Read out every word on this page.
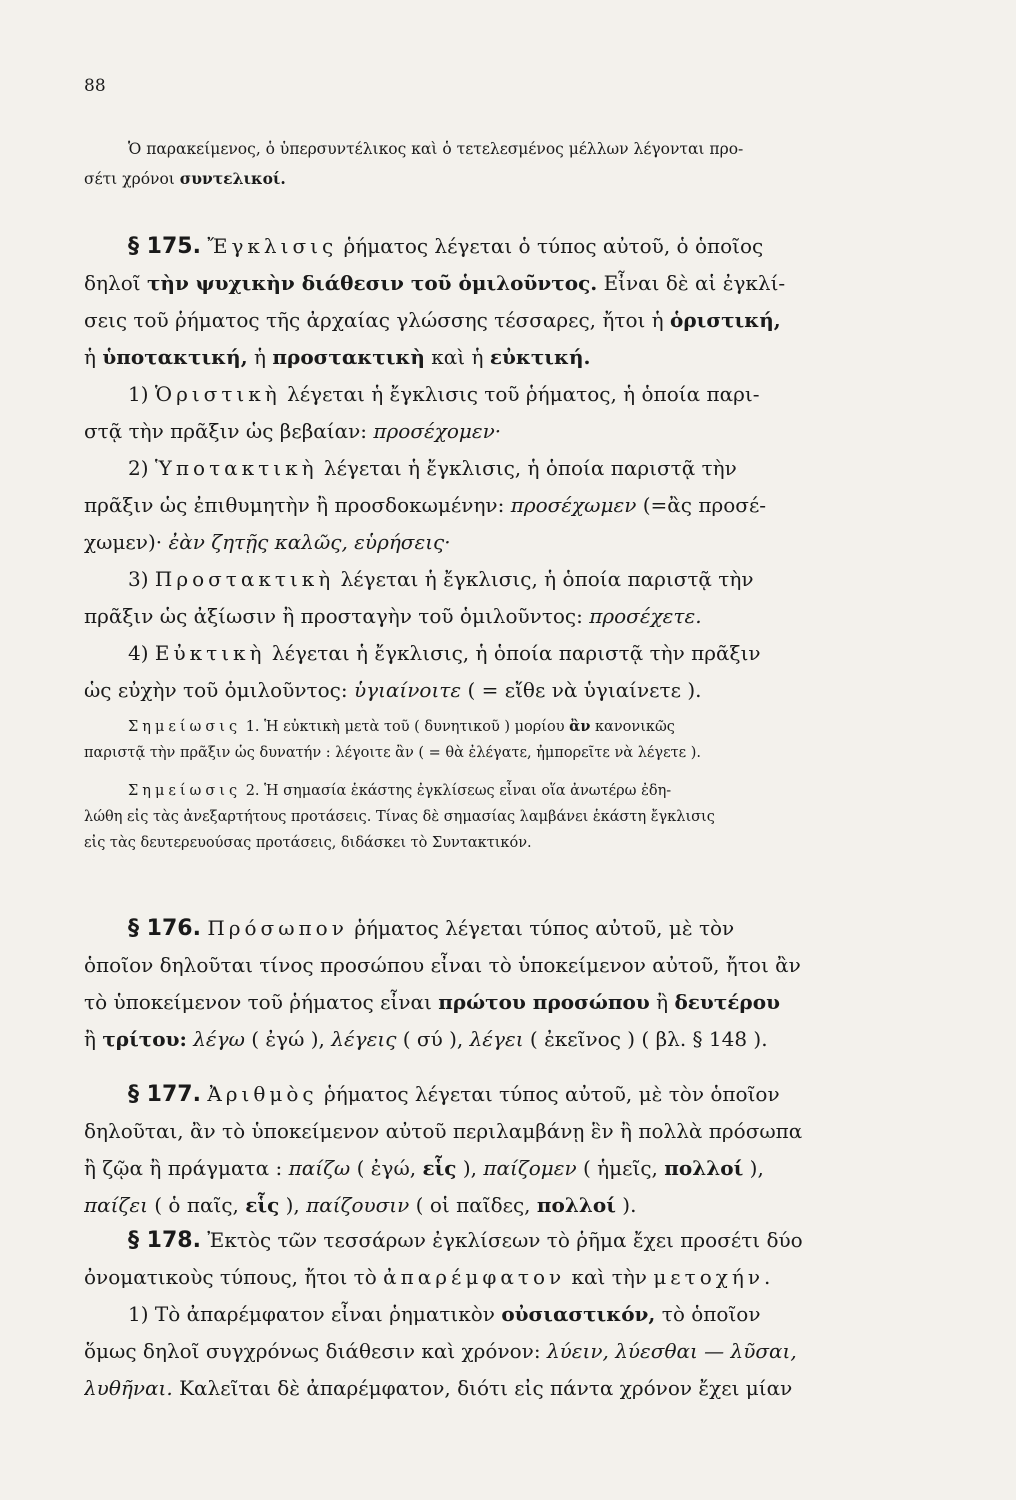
88
Ὁ παρακείμενος, ὁ ὑπερσυντέλικος καὶ ὁ τετελεσμένος μέλλων λέγονται προ-
σέτι χρόνοι συντελικοί.
§ 175. Ἔγκλισις ῥήματος λέγεται ὁ τύπος αὐτοῦ, ὁ ὁποῖος
δηλοῖ τὴν ψυχικὴν διάθεσιν τοῦ ὁμιλοῦντος. Εἶναι δὲ αἱ ἐγκλί-
σεις τοῦ ῥήματος τῆς ἀρχαίας γλώσσης τέσσαρες, ἤτοι ἡ ὁριστική,
ἡ ὑποτακτική, ἡ προστακτικὴ καὶ ἡ εὐκτική.
1) Ὁριστικὴ λέγεται ἡ ἔγκλισις τοῦ ῥήματος, ἡ ὁποία παρι-
στᾷ τὴν πρᾶξιν ὡς βεβαίαν: προσέχομεν·
2) Ὑποτακτικὴ λέγεται ἡ ἔγκλισις, ἡ ὁποία παριστᾷ τὴν
πρᾶξιν ὡς ἐπιθυμητὴν ἢ προσδοκωμένην: προσέχωμεν (=ἂς προσέ-
χωμεν)· ἐὰν ζητῇς καλῶς, εὑρήσεις·
3) Προστακτικὴ λέγεται ἡ ἔγκλισις, ἡ ὁποία παριστᾷ τὴν
πρᾶξιν ὡς ἀξίωσιν ἢ προσταγὴν τοῦ ὁμιλοῦντος: προσέχετε.
4) Εὐκτικὴ λέγεται ἡ ἔγκλισις, ἡ ὁποία παριστᾷ τὴν πρᾶξιν
ὡς εὐχὴν τοῦ ὁμιλοῦντος: ὑγιαίνοιτε ( = εἴθε νὰ ὑγιαίνετε ).
Σημείωσις 1. Ἡ εὐκτικὴ μετὰ τοῦ ( δυνητικοῦ ) μορίου ἂν κανονικῶς
παριστᾷ τὴν πρᾶξιν ὡς δυνατήν : λέγοιτε ἂν ( = θὰ ἐλέγατε, ἠμπορεῖτε νὰ λέγετε ).
Σημείωσις 2. Ἡ σημασία ἑκάστης ἐγκλίσεως εἶναι οἵα ἀνωτέρω ἐδη-
λώθη εἰς τὰς ἀνεξαρτήτους προτάσεις. Τίνας δὲ σημασίας λαμβάνει ἑκάστη ἔγκλισις
εἰς τὰς δευτερευούσας προτάσεις, διδάσκει τὸ Συντακτικόν.
§ 176. Πρόσωπον ῥήματος λέγεται τύπος αὐτοῦ, μὲ τὸν
ὁποῖον δηλοῦται τίνος προσώπου εἶναι τὸ ὑποκείμενον αὐτοῦ, ἤτοι ἂν
τὸ ὑποκείμενον τοῦ ῥήματος εἶναι πρώτου προσώπου ἢ δευτέρου
ἢ τρίτου: λέγω ( ἐγώ ), λέγεις ( σύ ), λέγει ( ἐκεῖνος ) ( βλ. § 148 ).
§ 177. Ἀριθμὸς ῥήματος λέγεται τύπος αὐτοῦ, μὲ τὸν ὁποῖον
δηλοῦται, ἂν τὸ ὑποκείμενον αὐτοῦ περιλαμβάνῃ ἓν ἢ πολλὰ πρόσωπα
ἢ ζῷα ἢ πράγματα : παίζω ( ἐγώ, εἷς ), παίζομεν ( ἡμεῖς, πολλοί ),
παίζει ( ὁ παῖς, εἷς ), παίζουσιν ( οἱ παῖδες, πολλοί ).
§ 178. Ἐκτὸς τῶν τεσσάρων ἐγκλίσεων τὸ ῥῆμα ἔχει προσέτι δύο
ὀνοματικοὺς τύπους, ἤτοι τὸ ἀπαρέμφατον καὶ τὴν μετοχήν.
1) Τὸ ἀπαρέμφατον εἶναι ῥηματικὸν οὐσιαστικόν, τὸ ὁποῖον
ὅμως δηλοῖ συγχρόνως διάθεσιν καὶ χρόνον: λύειν, λύεσθαι — λῦσαι,
λυθῆναι. Καλεῖται δὲ ἀπαρέμφατον, διότι εἰς πάντα χρόνον ἔχει μίαν
